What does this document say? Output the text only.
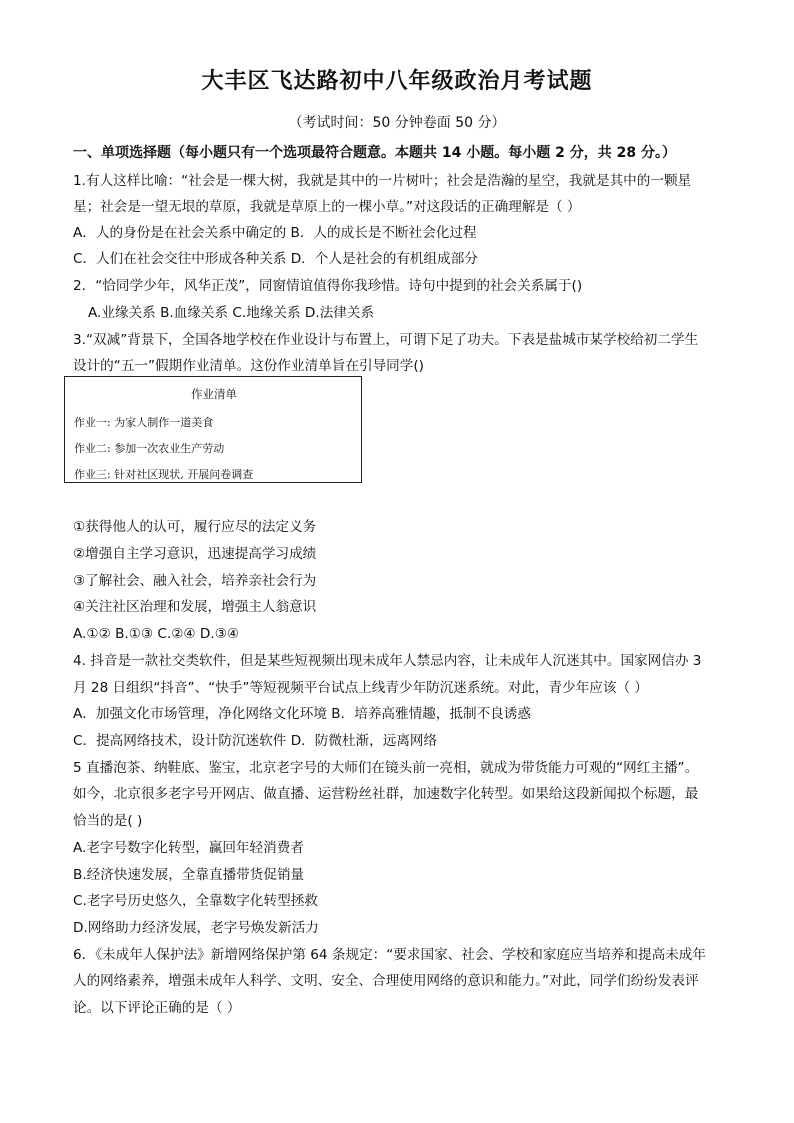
大丰区飞达路初中八年级政治月考试题
（考试时间：50 分钟卷面 50 分）
一、单项选择题（每小题只有一个选项最符合题意。本题共 14 小题。每小题 2 分，共 28 分。）
1.有人这样比喻：“社会是一棵大树，我就是其中的一片树叶；社会是浩瀚的星空，我就是其中的一颗星
星；社会是一望无垠的草原，我就是草原上的一棵小草。”对这段话的正确理解是（ ）
A．人的身份是在社会关系中确定的 B．人的成长是不断社会化过程
C．人们在社会交往中形成各种关系 D．个人是社会的有机组成部分
2．“恰同学少年，风华正茂”，同窗情谊值得你我珍惜。诗句中提到的社会关系属于()
A.业缘关系 B.血缘关系 C.地缘关系 D.法律关系
3.“双减”背景下，全国各地学校在作业设计与布置上，可谓下足了功夫。下表是盐城市某学校给初二学生
设计的“五一”假期作业清单。这份作业清单旨在引导同学()
作业清单
作业一: 为家人制作一道美食
作业二: 参加一次农业生产劳动
作业三: 针对社区现状, 开展问卷调查
①获得他人的认可，履行应尽的法定义务
②增强自主学习意识，迅速提高学习成绩
③了解社会、融入社会，培养亲社会行为
④关注社区治理和发展，增强主人翁意识
A.①② B.①③ C.②④ D.③④
4. 抖音是一款社交类软件，但是某些短视频出现未成年人禁忌内容，让未成年人沉迷其中。国家网信办 3
月 28 日组织“抖音”、“快手”等短视频平台试点上线青少年防沉迷系统。对此，青少年应该（ ）
A．加强文化市场管理，净化网络文化环境 B．培养高雅情趣，抵制不良诱惑
C．提高网络技术，设计防沉迷软件 D．防微杜渐，远离网络
5 直播泡茶、纳鞋底、鉴宝，北京老字号的大师们在镜头前一亮相，就成为带货能力可观的“网红主播”。
如今，北京很多老字号开网店、做直播、运营粉丝社群，加速数字化转型。如果给这段新闻拟个标题，最
恰当的是( )
A.老字号数字化转型，赢回年轻消费者
B.经济快速发展，全靠直播带货促销量
C.老字号历史悠久，全靠数字化转型拯救
D.网络助力经济发展，老字号焕发新活力
6．《未成年人保护法》新增网络保护第 64 条规定：“要求国家、社会、学校和家庭应当培养和提高未成年
人的网络素养，增强未成年人科学、文明、安全、合理使用网络的意识和能力。”对此，同学们纷纷发表评
论。以下评论正确的是（ ）
